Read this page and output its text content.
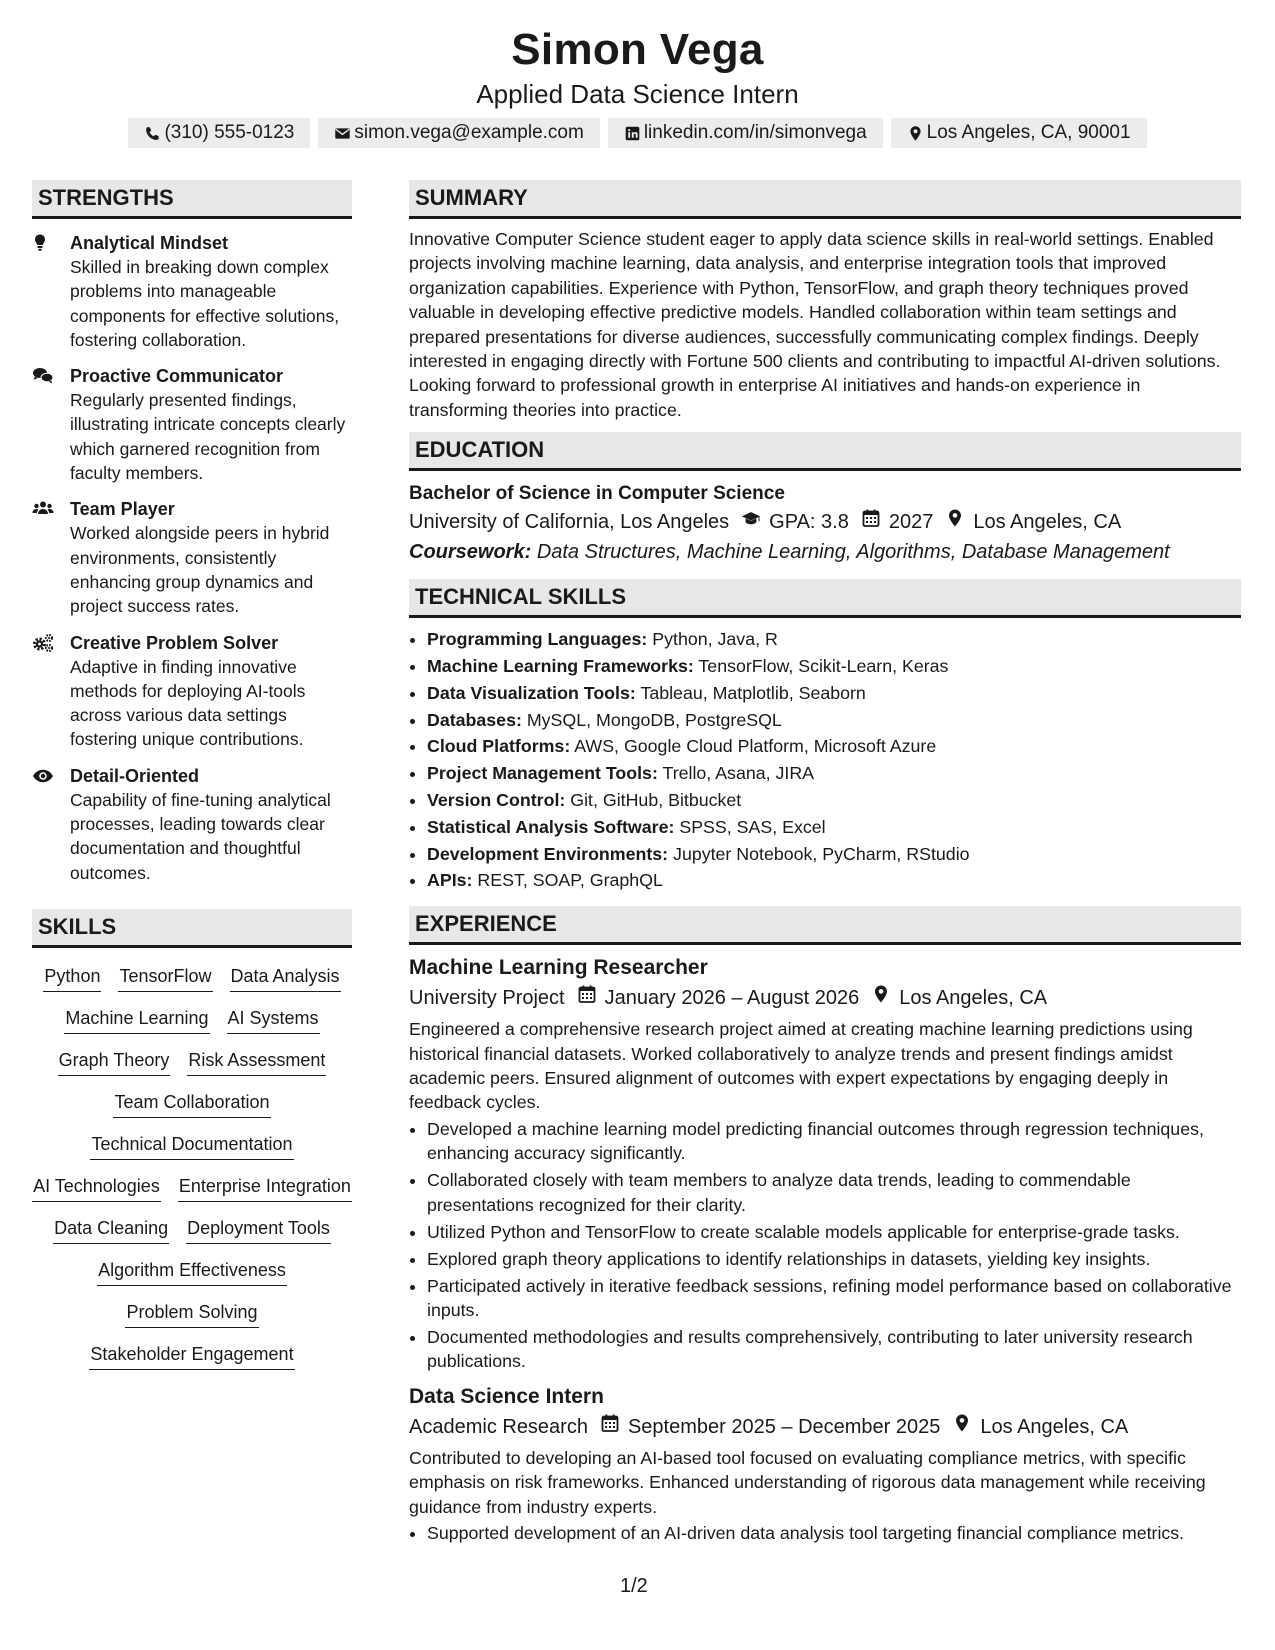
Simon Vega
Applied Data Science Intern
(310) 555-0123	simon.vega@example.com	linkedin.com/in/simonvega	Los Angeles, CA, 90001
STRENGTHS
Analytical Mindset
Skilled in breaking down complex problems into manageable components for effective solutions, fostering collaboration.
Proactive Communicator
Regularly presented findings, illustrating intricate concepts clearly which garnered recognition from faculty members.
Team Player
Worked alongside peers in hybrid environments, consistently enhancing group dynamics and project success rates.
Creative Problem Solver
Adaptive in finding innovative methods for deploying AI-tools across various data settings fostering unique contributions.
Detail-Oriented
Capability of fine-tuning analytical processes, leading towards clear documentation and thoughtful outcomes.
SKILLS
Python TensorFlow Data Analysis
Machine Learning AI Systems
Graph Theory Risk Assessment
Team Collaboration
Technical Documentation
AI Technologies Enterprise Integration
Data Cleaning Deployment Tools
Algorithm Effectiveness
Problem Solving
Stakeholder Engagement
SUMMARY
Innovative Computer Science student eager to apply data science skills in real-world settings. Enabled projects involving machine learning, data analysis, and enterprise integration tools that improved organization capabilities. Experience with Python, TensorFlow, and graph theory techniques proved valuable in developing effective predictive models. Handled collaboration within team settings and prepared presentations for diverse audiences, successfully communicating complex findings. Deeply interested in engaging directly with Fortune 500 clients and contributing to impactful AI-driven solutions. Looking forward to professional growth in enterprise AI initiatives and hands-on experience in transforming theories into practice.
EDUCATION
Bachelor of Science in Computer Science
University of California, Los Angeles GPA: 3.8 2027 Los Angeles, CA
Coursework: Data Structures, Machine Learning, Algorithms, Database Management
TECHNICAL SKILLS
• Programming Languages: Python, Java, R
• Machine Learning Frameworks: TensorFlow, Scikit-Learn, Keras
• Data Visualization Tools: Tableau, Matplotlib, Seaborn
• Databases: MySQL, MongoDB, PostgreSQL
• Cloud Platforms: AWS, Google Cloud Platform, Microsoft Azure
• Project Management Tools: Trello, Asana, JIRA
• Version Control: Git, GitHub, Bitbucket
• Statistical Analysis Software: SPSS, SAS, Excel
• Development Environments: Jupyter Notebook, PyCharm, RStudio
• APIs: REST, SOAP, GraphQL
EXPERIENCE
Machine Learning Researcher
University Project January 2026 – August 2026 Los Angeles, CA
Engineered a comprehensive research project aimed at creating machine learning predictions using historical financial datasets. Worked collaboratively to analyze trends and present findings amidst academic peers. Ensured alignment of outcomes with expert expectations by engaging deeply in feedback cycles.
• Developed a machine learning model predicting financial outcomes through regression techniques, enhancing accuracy significantly.
• Collaborated closely with team members to analyze data trends, leading to commendable presentations recognized for their clarity.
• Utilized Python and TensorFlow to create scalable models applicable for enterprise-grade tasks.
• Explored graph theory applications to identify relationships in datasets, yielding key insights.
• Participated actively in iterative feedback sessions, refining model performance based on collaborative inputs.
• Documented methodologies and results comprehensively, contributing to later university research publications.
Data Science Intern
Academic Research September 2025 – December 2025 Los Angeles, CA
Contributed to developing an AI-based tool focused on evaluating compliance metrics, with specific emphasis on risk frameworks. Enhanced understanding of rigorous data management while receiving guidance from industry experts.
• Supported development of an AI-driven data analysis tool targeting financial compliance metrics.
1/2
